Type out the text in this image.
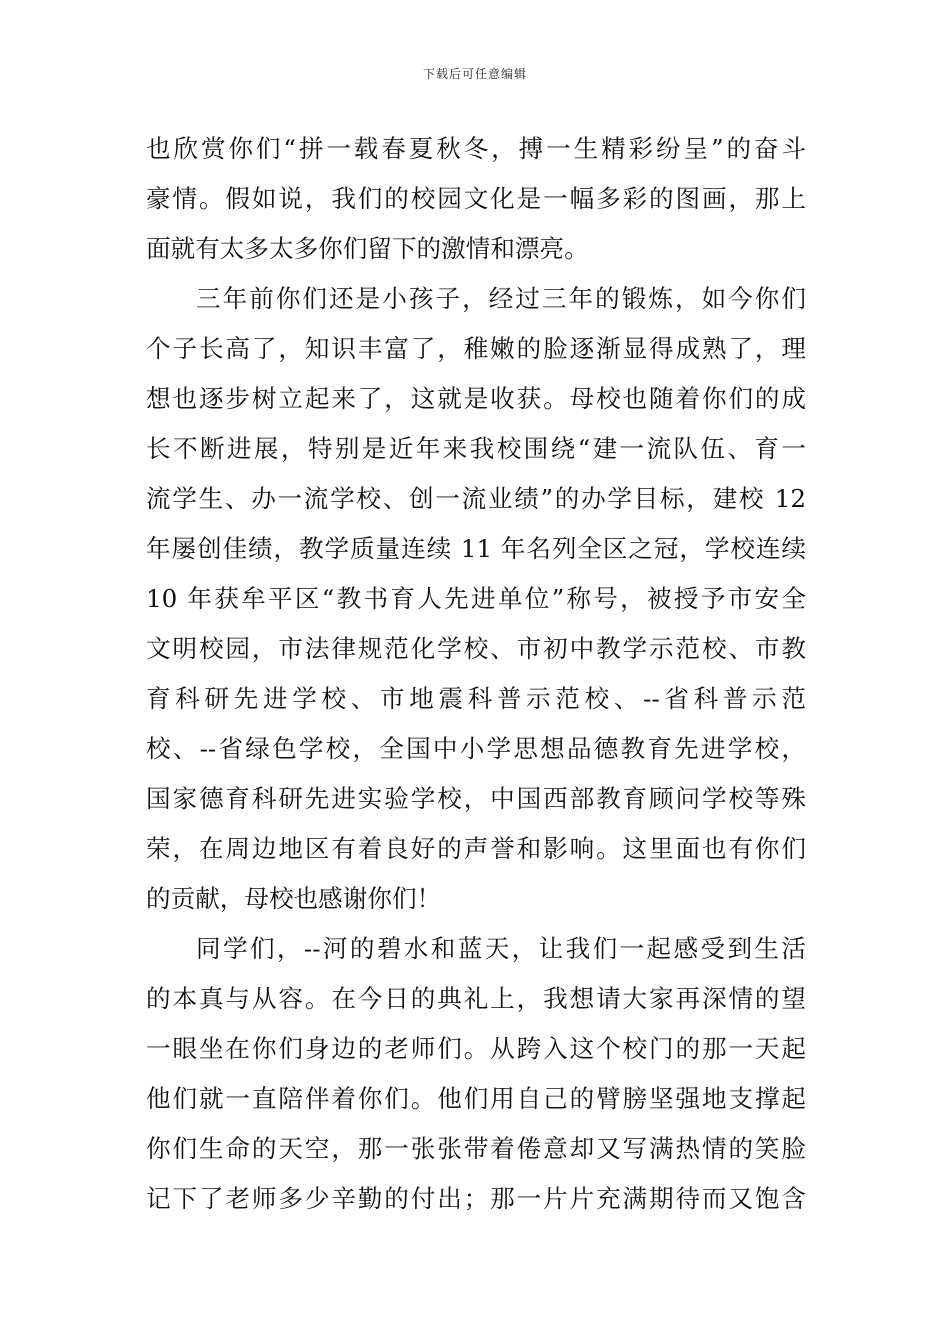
下载后可任意编辑
也欣赏你们“拼一载春夏秋冬，搏一生精彩纷呈”的奋斗
豪情。假如说，我们的校园文化是一幅多彩的图画，那上
面就有太多太多你们留下的激情和漂亮。
三年前你们还是小孩子，经过三年的锻炼，如今你们
个子长高了，知识丰富了，稚嫩的脸逐渐显得成熟了，理
想也逐步树立起来了，这就是收获。母校也随着你们的成
长不断进展，特别是近年来我校围绕“建一流队伍、育一
流学生、办一流学校、创一流业绩”的办学目标，建校 12
年屡创佳绩，教学质量连续 11 年名列全区之冠，学校连续
10 年获牟平区“教书育人先进单位”称号，被授予市安全
文明校园，市法律规范化学校、市初中教学示范校、市教
育科研先进学校、市地震科普示范校、--省科普示范
校、--省绿色学校，全国中小学思想品德教育先进学校，
国家德育科研先进实验学校，中国西部教育顾问学校等殊
荣，在周边地区有着良好的声誉和影响。这里面也有你们
的贡献，母校也感谢你们！
同学们，--河的碧水和蓝天，让我们一起感受到生活
的本真与从容。在今日的典礼上，我想请大家再深情的望
一眼坐在你们身边的老师们。从跨入这个校门的那一天起
他们就一直陪伴着你们。他们用自己的臂膀坚强地支撑起
你们生命的天空，那一张张带着倦意却又写满热情的笑脸
记下了老师多少辛勤的付出；那一片片充满期待而又饱含
